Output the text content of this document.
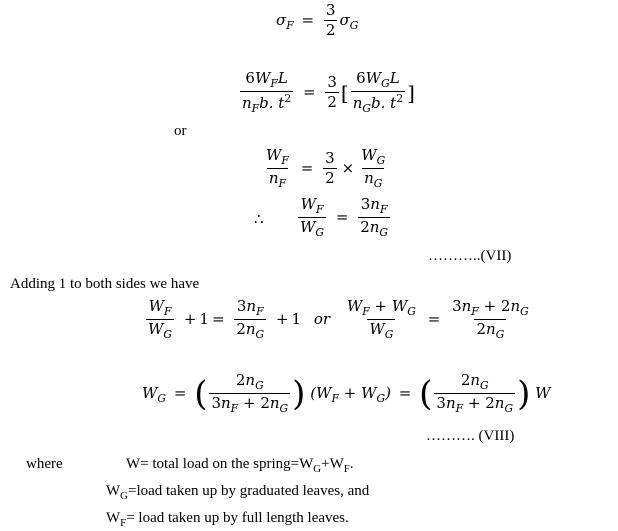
$\sigma_F = \frac{3}{2} \sigma_G$
$\frac{6W_FL}{n_Fb. t^2} = \frac{3}{2}$ [ $\frac{6W_GL}{n_Gb. t^2}$ ]
or
$\frac{W_F}{n_F} = \frac{3}{2} \times \frac{W_G}{n_G}$
∴ $\frac{W_F}{W_G} = \frac{3n_F}{2n_G}$
………..(VII)
Adding 1 to both sides we have
$\frac{W_F}{W_G} + 1 = \frac{3n_F}{2n_G} + 1$ or $\frac{W_F + W_G}{W_G} = \frac{3n_F + 2n_G}{2n_G}$
$W_G$ = ( $\frac{2n_G}{3n_F + 2n_G}$ ) $(W_F + W_G)$ = ( $\frac{2n_G}{3n_F + 2n_G}$ ) W
………. (VIII)
where	W= total load on the $spring=W_G+W_F$.
$W_G=load$ taken up by graduated leaves, and
$W_F=$ load taken up by full length leaves.
